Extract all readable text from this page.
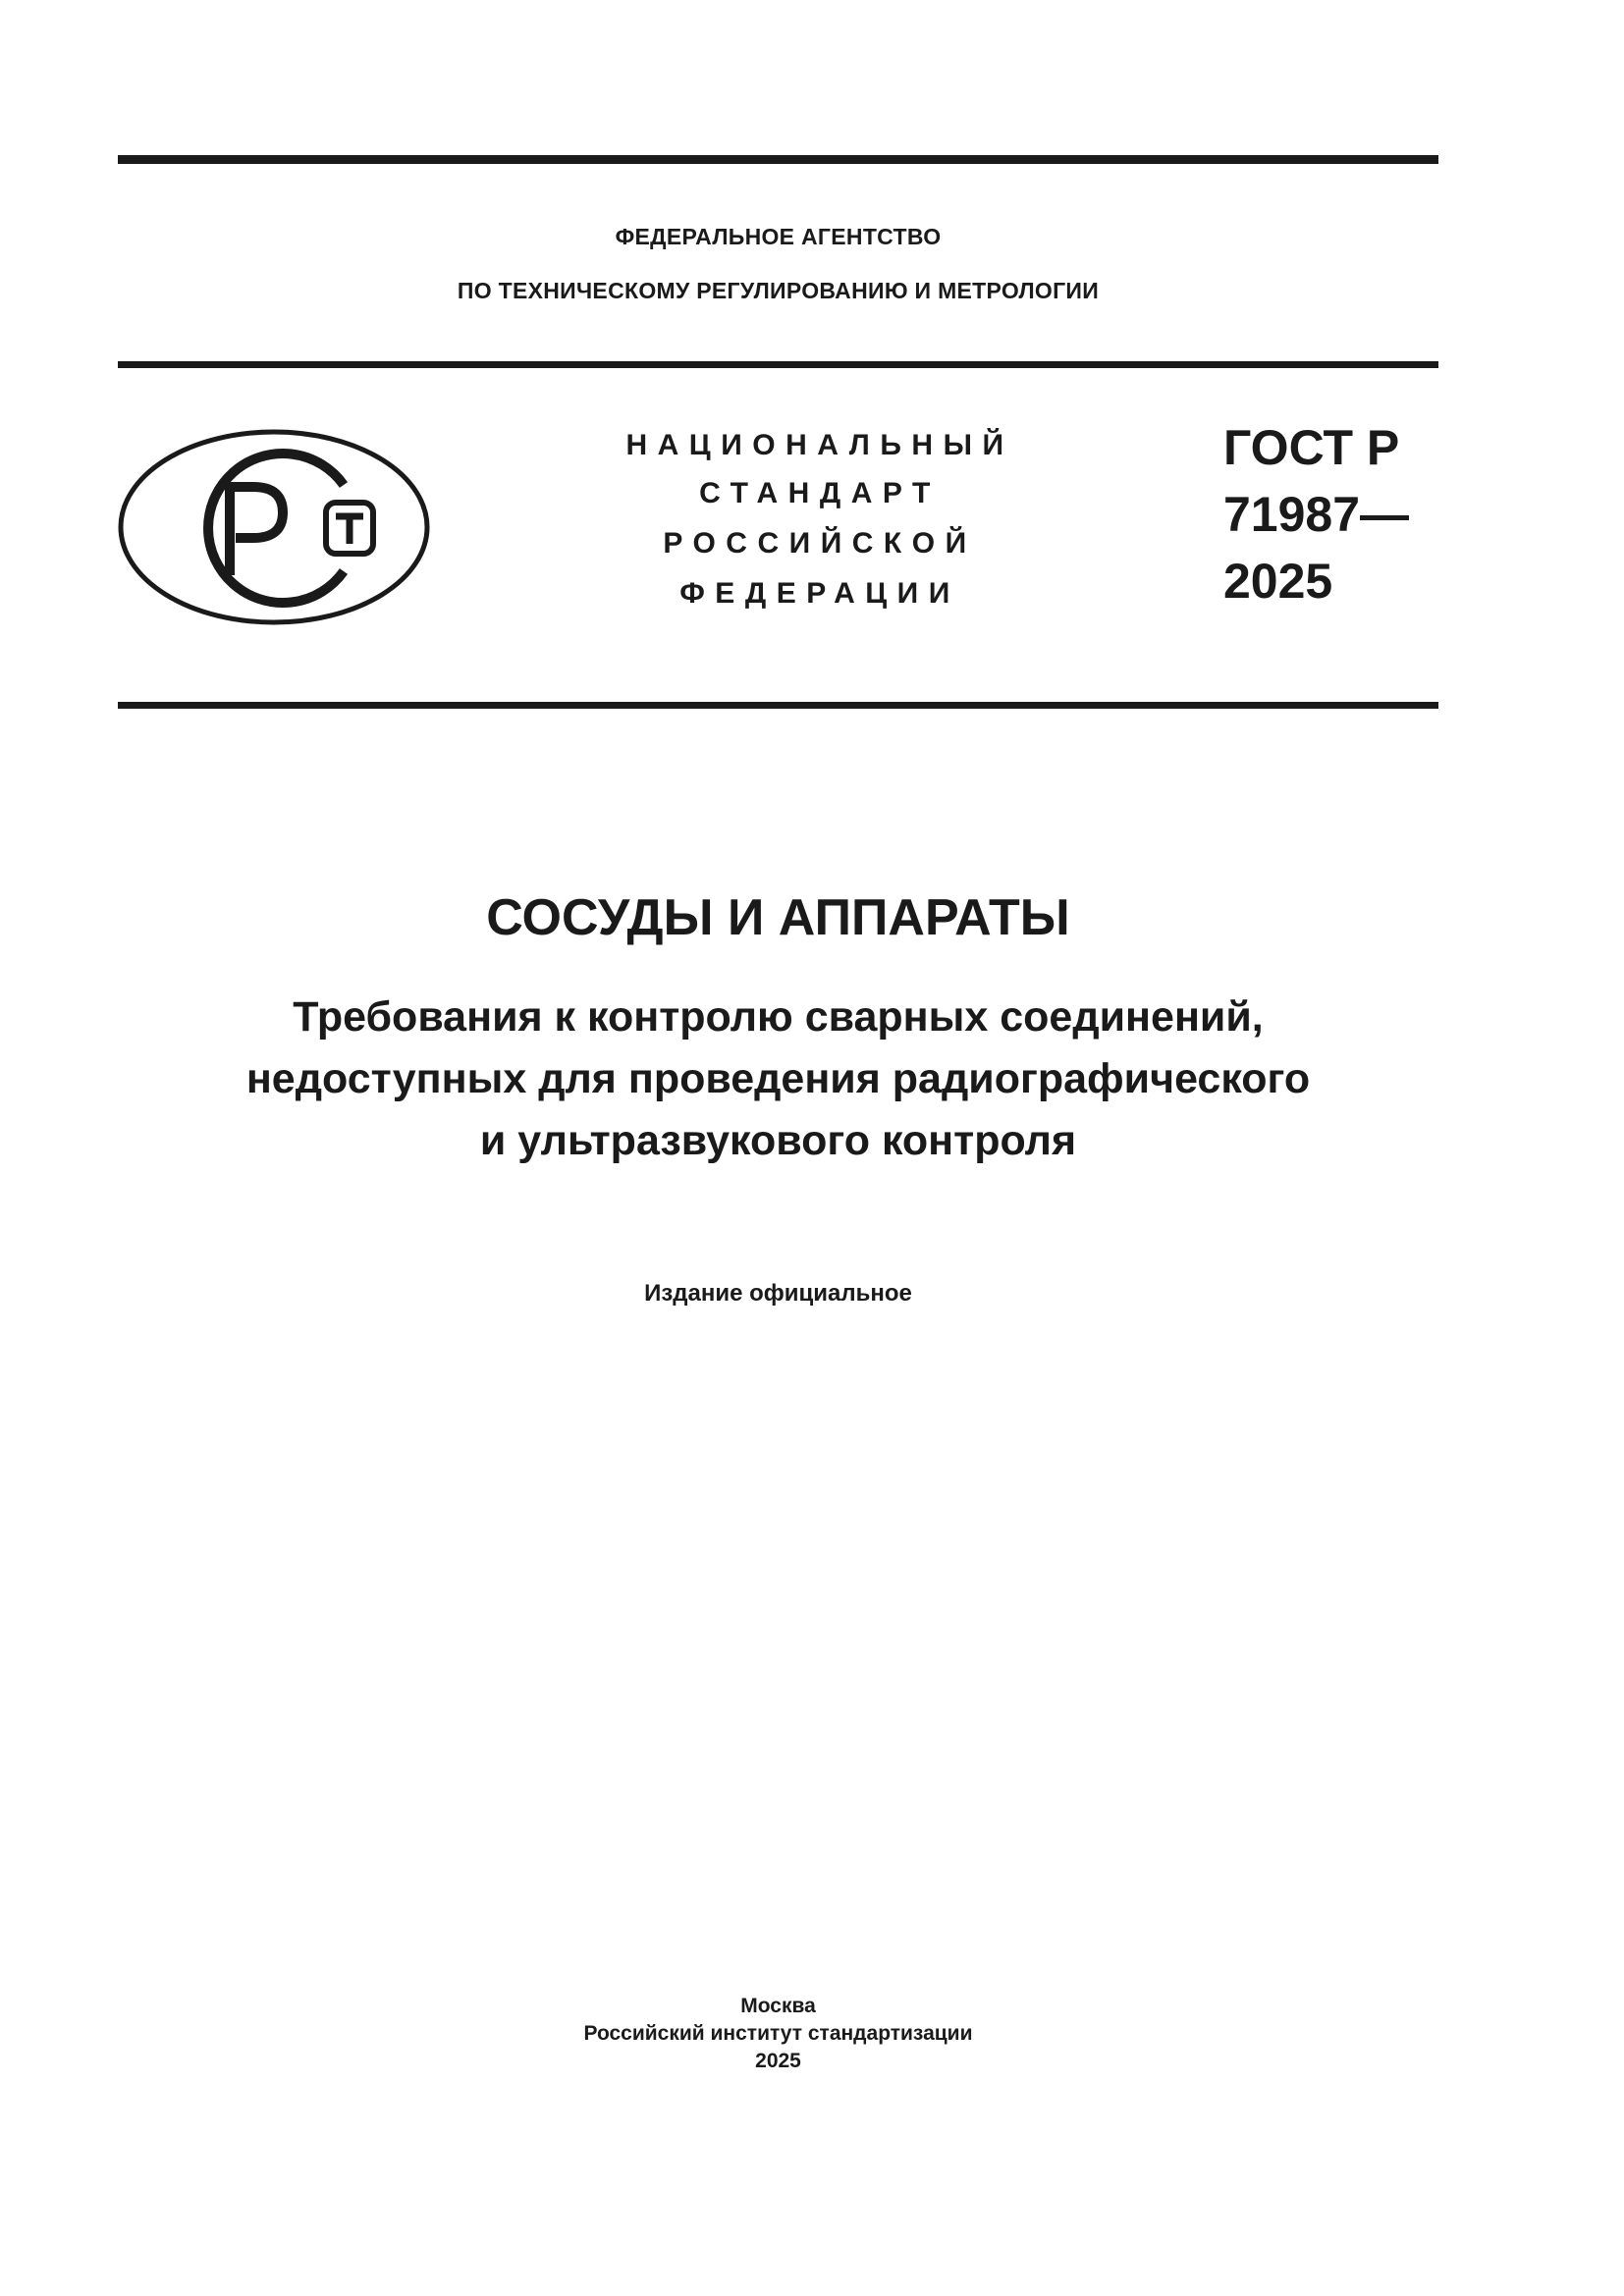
ФЕДЕРАЛЬНОЕ АГЕНТСТВО
ПО ТЕХНИЧЕСКОМУ РЕГУЛИРОВАНИЮ И МЕТРОЛОГИИ
НАЦИОНАЛЬНЫЙ
СТАНДАРТ
РОССИЙСКОЙ
ФЕДЕРАЦИИ
ГОСТ Р
71987—
2025
СОСУДЫ И АППАРАТЫ
Требования к контролю сварных соединений,
недоступных для проведения радиографического
и ультразвукового контроля
Издание официальное
Москва
Российский институт стандартизации
2025
